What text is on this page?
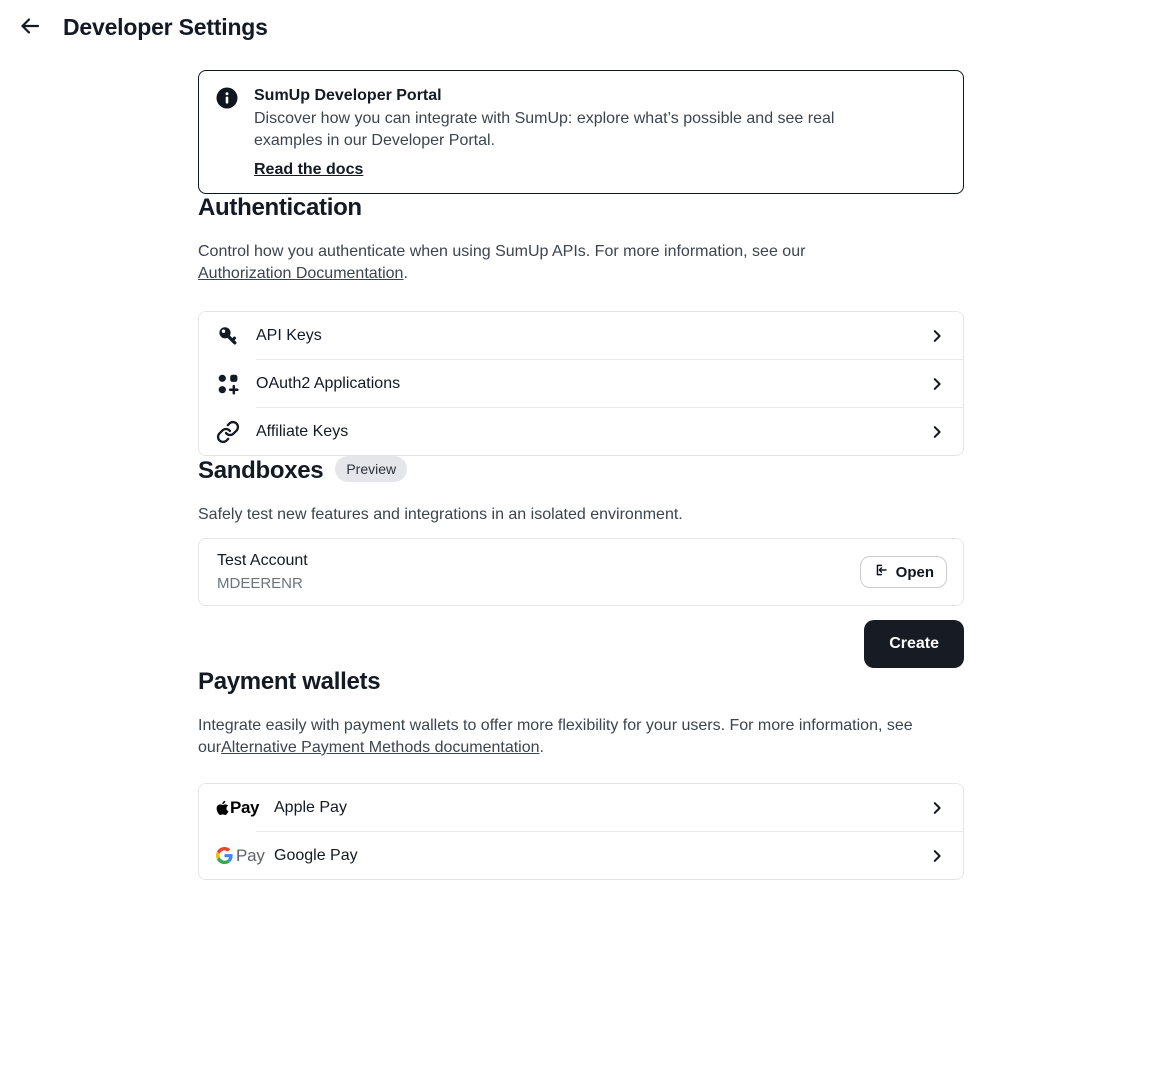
Developer Settings
SumUp Developer Portal

Discover how you can integrate with SumUp: explore what’s possible and see real examples in our Developer Portal.

Read the docs
Authentication

Control how you authenticate when using SumUp APIs. For more information, see our Authorization Documentation.

API Keys
OAuth2 Applications
Affiliate Keys
Sandboxes Preview

Safely test new features and integrations in an isolated environment.

Test Account
MDEERENR
Open
Create
Payment wallets

Integrate easily with payment wallets to offer more flexibility for your users. For more information, see ourAlternative Payment Methods documentation.

Pay Apple Pay
Pay Google Pay
